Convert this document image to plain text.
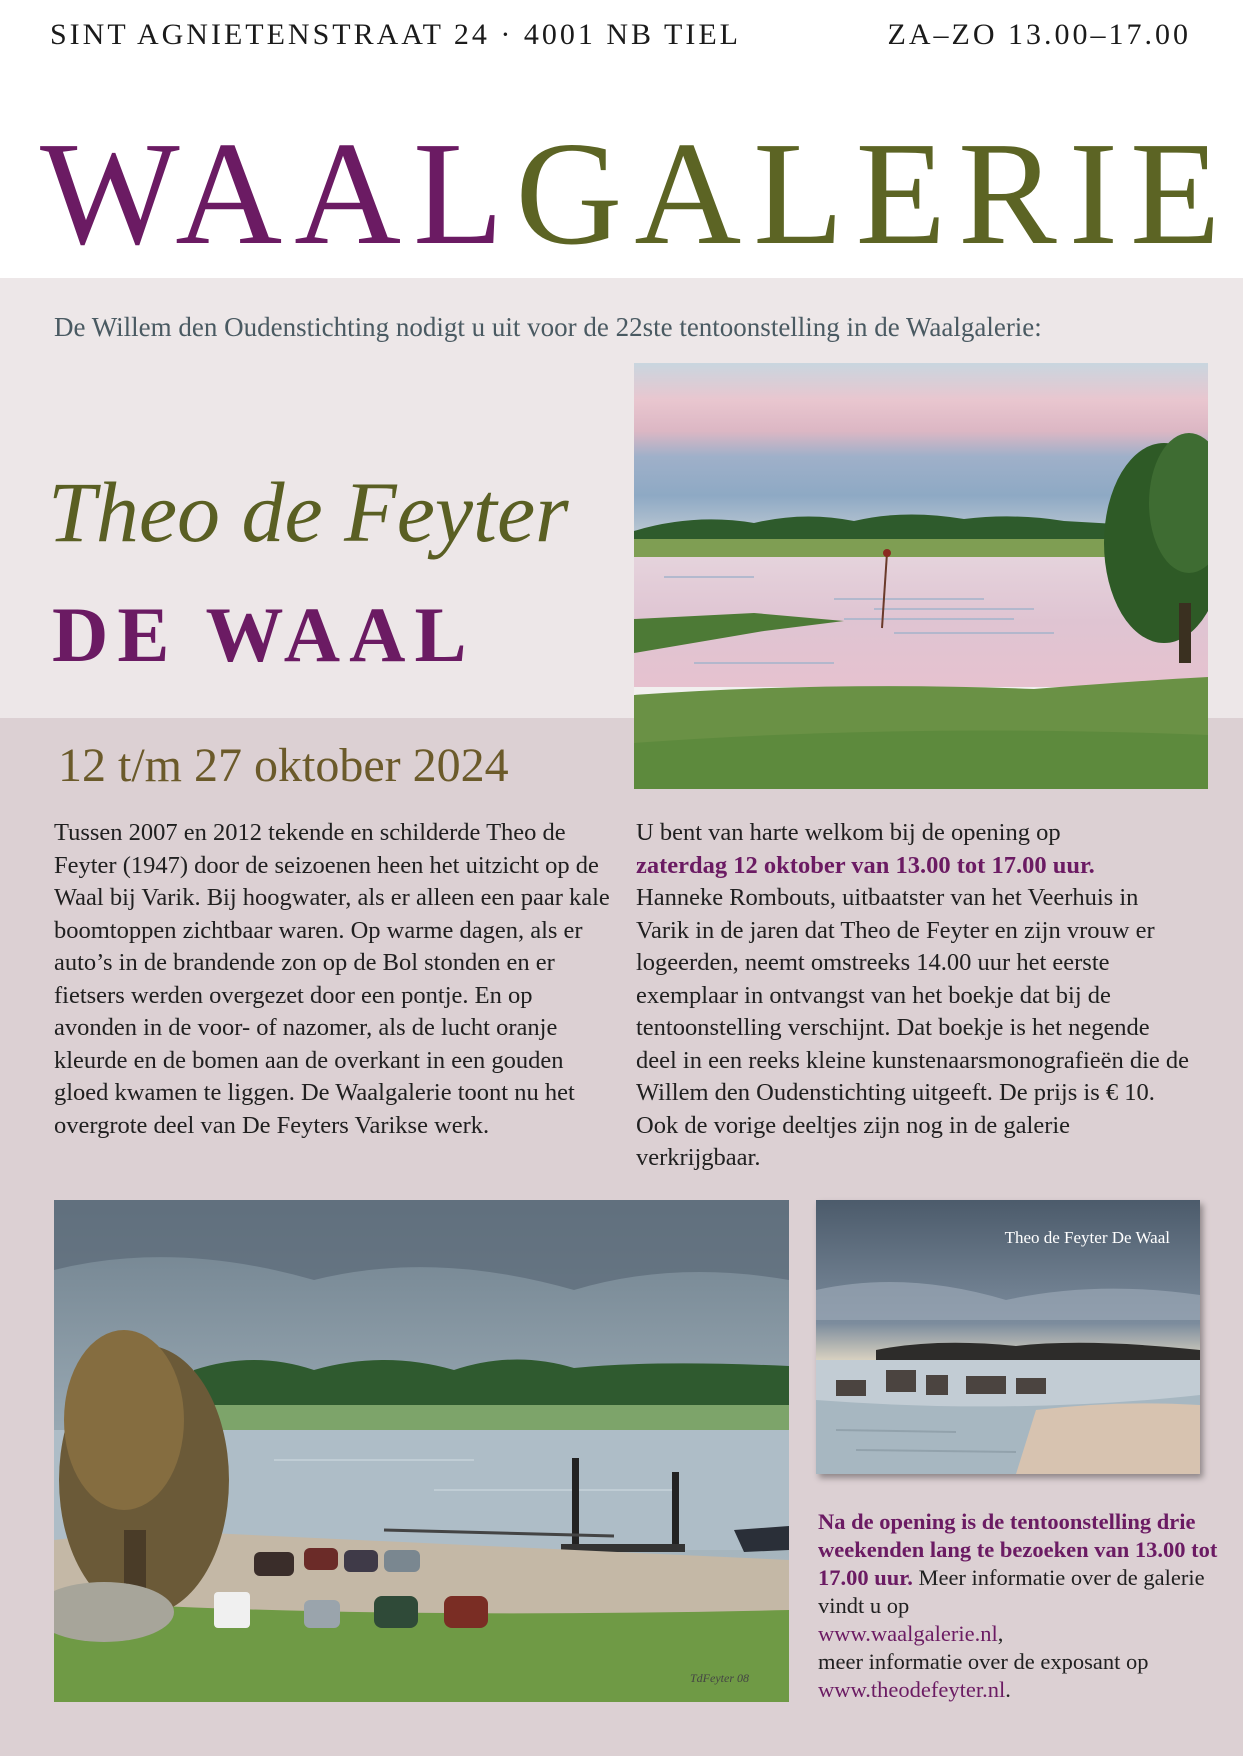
SINT AGNIETENSTRAAT 24 · 4001 NB TIEL	ZA–ZO 13.00–17.00
WAALGALERIE
De Willem den Oudenstichting nodigt u uit voor de 22ste tentoonstelling in de Waalgalerie:
Theo de Feyter
DE WAAL
12 t/m 27 oktober 2024

Tussen 2007 en 2012 tekende en schilderde Theo de Feyter (1947) door de seizoenen heen het uitzicht op de Waal bij Varik. Bij hoogwater, als er alleen een paar kale boomtoppen zichtbaar waren. Op warme dagen, als er auto’s in de brandende zon op de Bol stonden en er fietsers werden overgezet door een pontje. En op avonden in de voor- of nazomer, als de lucht oranje kleurde en de bomen aan de overkant in een gouden gloed kwamen te liggen. De Waalgalerie toont nu het overgrote deel van De Feyters Varikse werk.

U bent van harte welkom bij de opening op

zaterdag 12 oktober van 13.00 tot 17.00 uur.

Hanneke Rombouts, uitbaatster van het Veerhuis in Varik in de jaren dat Theo de Feyter en zijn vrouw er logeerden, neemt omstreeks 14.00 uur het eerste exemplaar in ontvangst van het boekje dat bij de tentoonstelling verschijnt. Dat boekje is het negende deel in een reeks kleine kunstenaarsmonografieën die de Willem den Oudenstichting uitgeeft. De prijs is € 10. Ook de vorige deeltjes zijn nog in de galerie verkrijgbaar.

TdFeyter 08
Theo de Feyter De Waal

Na de opening is de tentoonstelling drie weekenden lang te bezoeken van 13.00 tot 17.00 uur. Meer informatie over de galerie vindt u op

www.waalgalerie.nl,

meer informatie over de exposant op

www.theodefeyter.nl.
